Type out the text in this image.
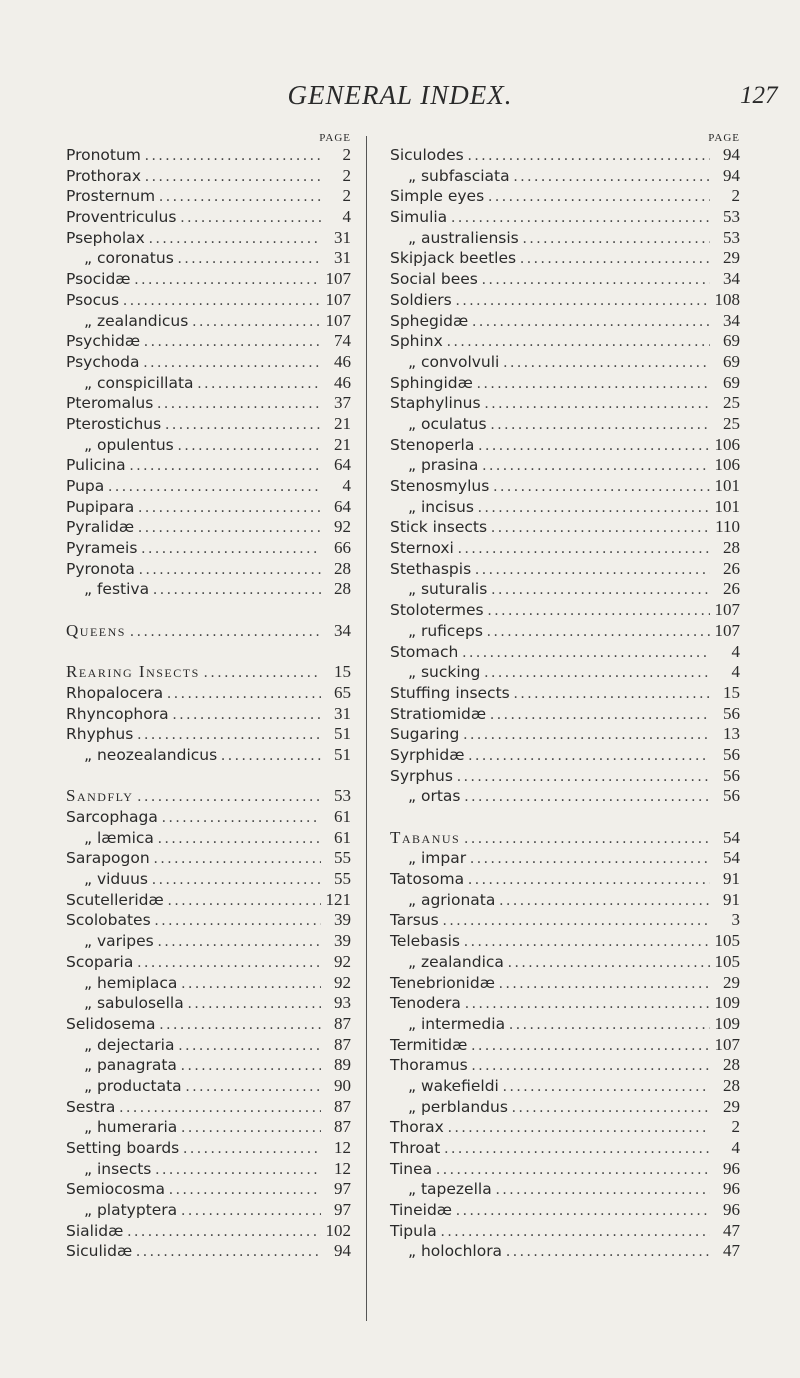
GENERAL INDEX.	127
PAGE
Pronotum .....	2
Prothorax .....	2
Prosternum .....	2
Proventriculus .....	4
Psepholax .....	31
„ coronatus .....	31
Psocidæ .....	107
Psocus .....	107
„ zealandicus .....	107
Psychidæ .....	74
Psychoda .....	46
„ conspicillata .....	46
Pteromalus .....	37
Pterostichus .....	21
„ opulentus .....	21
Pulicina .....	64
Pupa .....	4
Pupipara .....	64
Pyralidæ .....	92
Pyrameis .....	66
Pyronota .....	28
„ festiva .....	28
Queens .....	34
Rearing Insects .....	15
Rhopalocera .....	65
Rhyncophora .....	31
Rhyphus .....	51
„ neozealandicus .....	51
Sandfly .....	53
Sarcophaga .....	61
„ læmica .....	61
Sarapogon .....	55
„ viduus .....	55
Scutelleridæ .....	121
Scolobates .....	39
„ varipes .....	39
Scoparia .....	92
„ hemiplaca .....	92
„ sabulosella .....	93
Selidosema .....	87
„ dejectaria .....	87
„ panagrata .....	89
„ productata .....	90
Sestra .....	87
„ humeraria .....	87
Setting boards .....	12
„ insects .....	12
Semiocosma .....	97
„ platyptera .....	97
Sialidæ .....	102
Siculidæ .....	94
PAGE
Siculodes .....	94
„ subfasciata .....	94
Simple eyes .....	2
Simulia .....	53
„ australiensis .....	53
Skipjack beetles .....	29
Social bees .....	34
Soldiers .....	108
Sphegidæ .....	34
Sphinx .....	69
„ convolvuli .....	69
Sphingidæ .....	69
Staphylinus .....	25
„ oculatus .....	25
Stenoperla .....	106
„ prasina .....	106
Stenosmylus .....	101
„ incisus .....	101
Stick insects .....	110
Sternoxi .....	28
Stethaspis .....	26
„ suturalis .....	26
Stolotermes .....	107
„ ruficeps .....	107
Stomach .....	4
„ sucking .....	4
Stuffing insects .....	15
Stratiomidæ .....	56
Sugaring .....	13
Syrphidæ .....	56
Syrphus .....	56
„ ortas .....	56
Tabanus .....	54
„ impar .....	54
Tatosoma .....	91
„ agrionata .....	91
Tarsus .....	3
Telebasis .....	105
„ zealandica .....	105
Tenebrionidæ .....	29
Tenodera .....	109
„ intermedia .....	109
Termitidæ .....	107
Thoramus .....	28
„ wakefieldi .....	28
„ perblandus .....	29
Thorax .....	2
Throat .....	4
Tinea .....	96
„ tapezella .....	96
Tineidæ .....	96
Tipula .....	47
„ holochlora .....	47
